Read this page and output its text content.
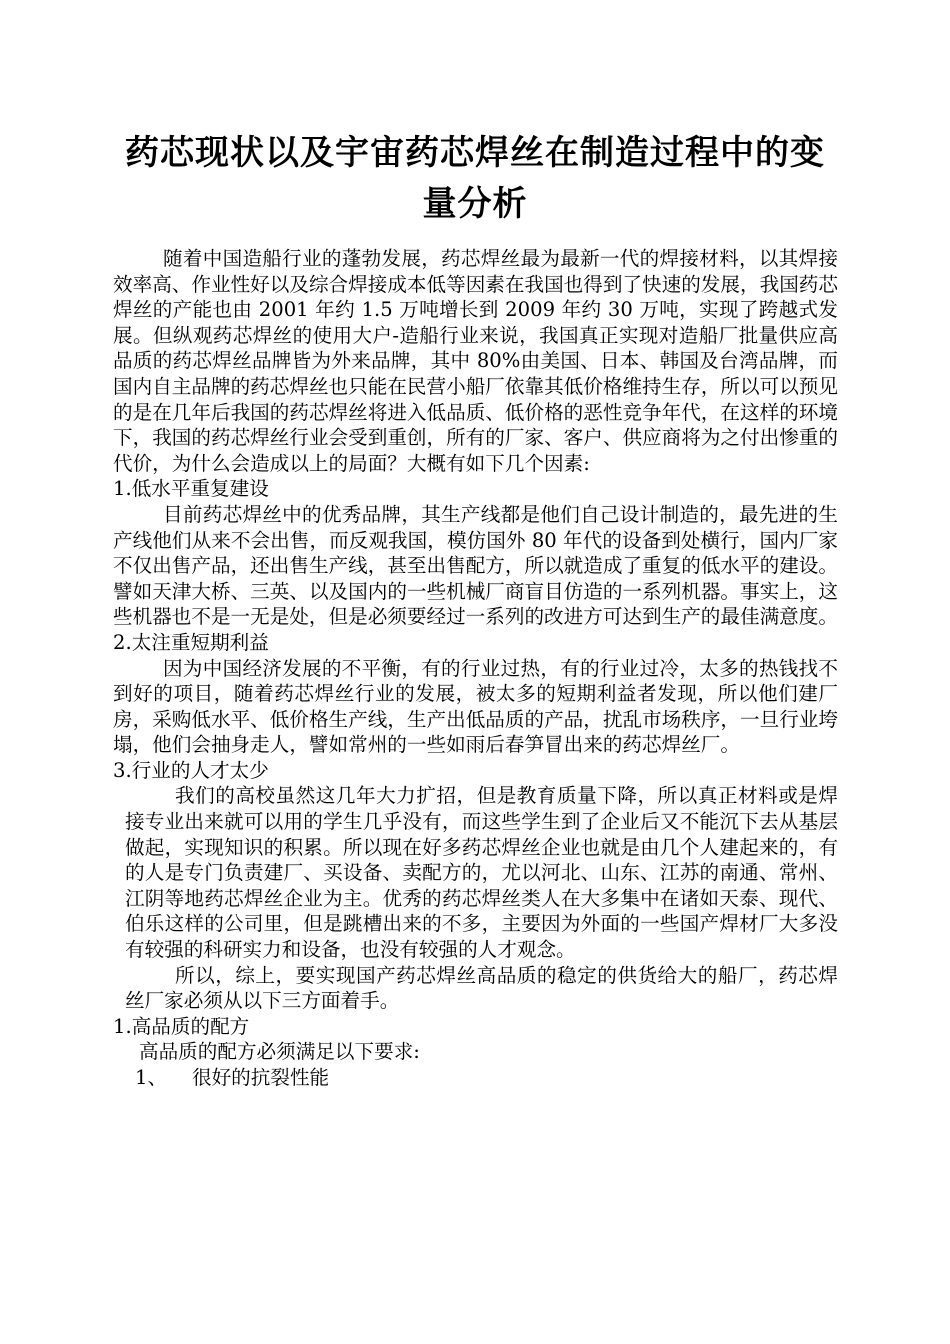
药芯现状以及宇宙药芯焊丝在制造过程中的变
量分析

随着中国造船行业的蓬勃发展，药芯焊丝最为最新一代的焊接材料，以其焊接效率高、作业性好以及综合焊接成本低等因素在我国也得到了快速的发展，我国药芯焊丝的产能也由 2001 年约 1.5 万吨增长到 2009 年约 30 万吨，实现了跨越式发展。但纵观药芯焊丝的使用大户-造船行业来说，我国真正实现对造船厂批量供应高品质的药芯焊丝品牌皆为外来品牌，其中 80%由美国、日本、韩国及台湾品牌，而国内自主品牌的药芯焊丝也只能在民营小船厂依靠其低价格维持生存，所以可以预见的是在几年后我国的药芯焊丝将进入低品质、低价格的恶性竞争年代，在这样的环境下，我国的药芯焊丝行业会受到重创，所有的厂家、客户、供应商将为之付出惨重的代价，为什么会造成以上的局面？大概有如下几个因素:

1.低水平重复建设

目前药芯焊丝中的优秀品牌，其生产线都是他们自己设计制造的，最先进的生产线他们从来不会出售，而反观我国，模仿国外 80 年代的设备到处横行，国内厂家不仅出售产品，还出售生产线，甚至出售配方，所以就造成了重复的低水平的建设。譬如天津大桥、三英、以及国内的一些机械厂商盲目仿造的一系列机器。事实上，这些机器也不是一无是处，但是必须要经过一系列的改进方可达到生产的最佳满意度。

2.太注重短期利益

因为中国经济发展的不平衡，有的行业过热，有的行业过冷，太多的热钱找不到好的项目，随着药芯焊丝行业的发展，被太多的短期利益者发现，所以他们建厂房，采购低水平、低价格生产线，生产出低品质的产品，扰乱市场秩序，一旦行业垮塌，他们会抽身走人，譬如常州的一些如雨后春笋冒出来的药芯焊丝厂。

3.行业的人才太少

我们的高校虽然这几年大力扩招，但是教育质量下降，所以真正材料或是焊接专业出来就可以用的学生几乎没有，而这些学生到了企业后又不能沉下去从基层做起，实现知识的积累。所以现在好多药芯焊丝企业也就是由几个人建起来的，有的人是专门负责建厂、买设备、卖配方的，尤以河北、山东、江苏的南通、常州、江阴等地药芯焊丝企业为主。优秀的药芯焊丝类人在大多集中在诸如天泰、现代、伯乐这样的公司里，但是跳槽出来的不多，主要因为外面的一些国产焊材厂大多没有较强的科研实力和设备，也没有较强的人才观念。

所以，综上，要实现国产药芯焊丝高品质的稳定的供货给大的船厂，药芯焊丝厂家必须从以下三方面着手。

1.高品质的配方

高品质的配方必须满足以下要求:

1、 很好的抗裂性能
